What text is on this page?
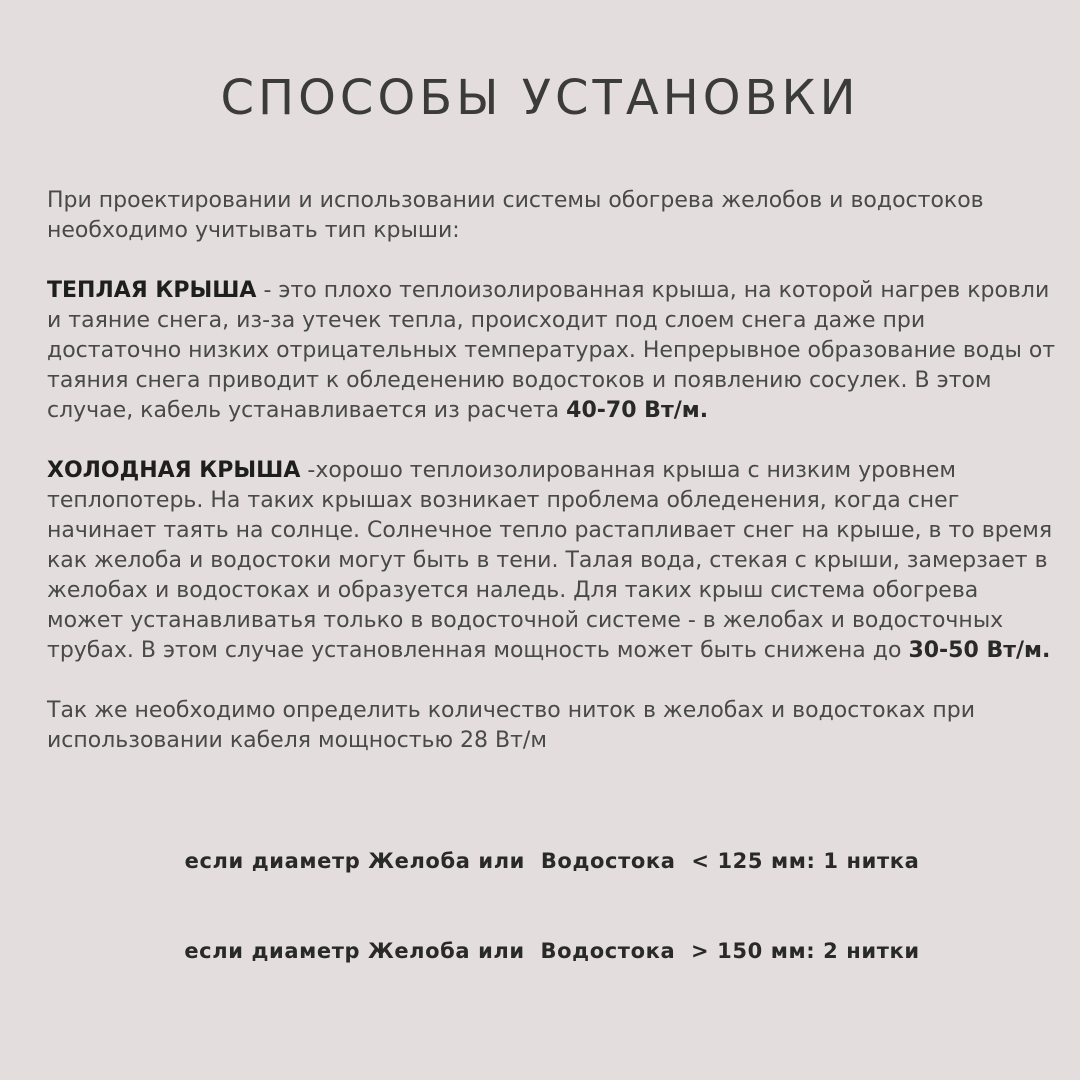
СПОСОБЫ УСТАНОВКИ

При проектировании и использовании системы обогрева желобов и водостоков необходимо учитывать тип крыши:

ТЕПЛАЯ КРЫША - это плохо теплоизолированная крыша, на которой нагрев кровли и таяние снега, из-за утечек тепла, происходит под слоем снега даже при достаточно низких отрицательных температурах. Непрерывное образование воды от таяния снега приводит к обледенению водостоков и появлению сосулек. В этом случае, кабель устанавливается из расчета 40-70 Вт/м.

ХОЛОДНАЯ КРЫША -хорошо теплоизолированная крыша с низким уровнем теплопотерь. На таких крышах возникает проблема обледенения, когда снег начинает таять на солнце. Солнечное тепло растапливает снег на крыше, в то время как желоба и водостоки могут быть в тени. Талая вода, стекая с крыши, замерзает в желобах и водостоках и образуется наледь. Для таких крыш система обогрева может устанавливатья только в водосточной системе - в желобах и водосточных трубах. В этом случае установленная мощность может быть снижена до 30-50 Вт/м.

Так же необходимо определить количество ниток в желобах и водостоках при использовании кабеля мощностью 28 Вт/м

если диаметр Желоба или  Водостока  < 125 мм: 1 нитка

если диаметр Желоба или  Водостока  > 150 мм: 2 нитки
